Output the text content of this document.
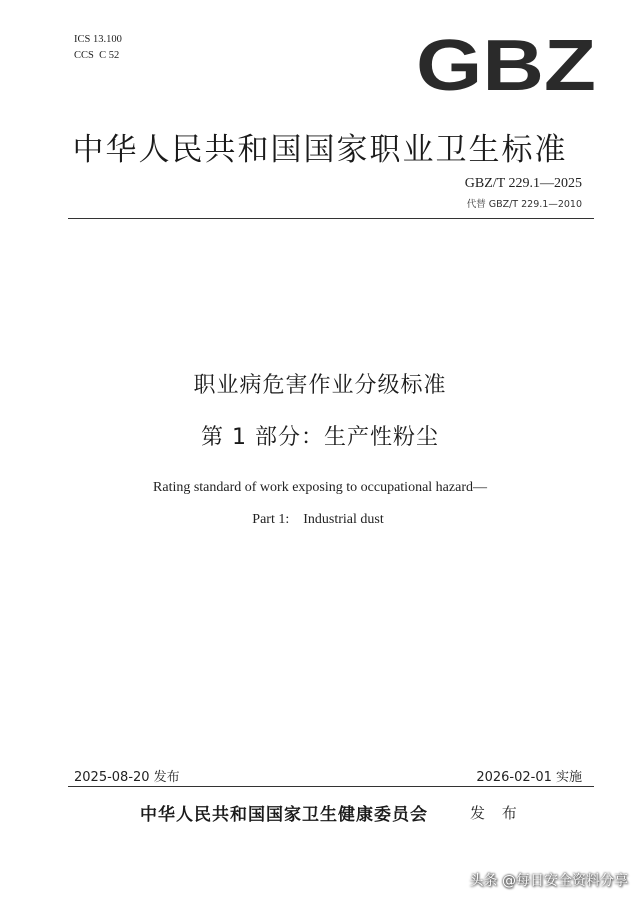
ICS 13.100
CCS  C 52	GBZ
中华人民共和国国家职业卫生标准
GBZ/T 229.1—2025
代替 GBZ/T 229.1—2010
职业病危害作业分级标准
第 1 部分：生产性粉尘
Rating standard of work exposing to occupational hazard—
Part 1:    Industrial dust
2025-08-20 发布	2026-02-01 实施
中华人民共和国国家卫生健康委员会	发 布
头条 @每日安全资料分享
